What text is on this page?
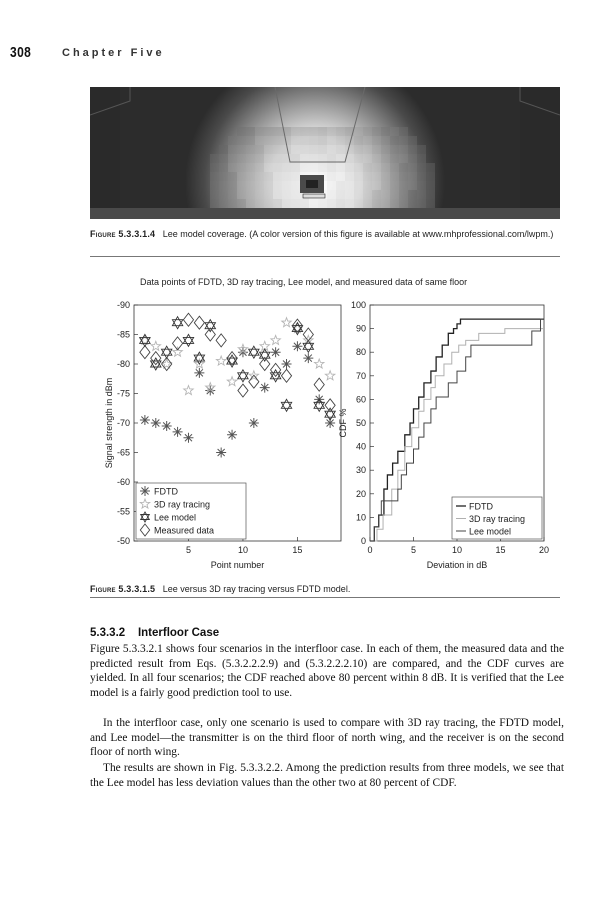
308	Chapter Five
Figure 5.3.3.1.4 Lee model coverage. (A color version of this figure is available at www.mhprofessional.com/lwpm.)
Data points of FDTD, 3D ray tracing, Lee model, and measured data of same floor
-90
-85
-80
-75
-70
-65
-60
-55
-50
5	10	15
Point number
Signal strength in dBm
FDTD
3D ray tracing
Lee model
Measured data
0
10
20
30
40
50
60
70
80
90
100
0	5	10	15	20
Deviation in dB
CDF %
FDTD
3D ray tracing
Lee model
Figure 5.3.3.1.5 Lee versus 3D ray tracing versus FDTD model.
5.3.3.2    Interfloor Case
Figure 5.3.3.2.1 shows four scenarios in the interfloor case. In each of them, the measured data and the predicted result from Eqs. (5.3.2.2.2.9) and (5.3.2.2.2.10) are compared, and the CDF curves are yielded. In all four scenarios; the CDF reached above 80 percent within 8 dB. It is verified that the Lee model is a fairly good prediction tool to use.
In the interfloor case, only one scenario is used to compare with 3D ray tracing, the FDTD model, and Lee model—the transmitter is on the third floor of north wing, and the receiver is on the second floor of north wing.
The results are shown in Fig. 5.3.3.2.2. Among the prediction results from three models, we see that the Lee model has less deviation values than the other two at 80 percent of CDF.
